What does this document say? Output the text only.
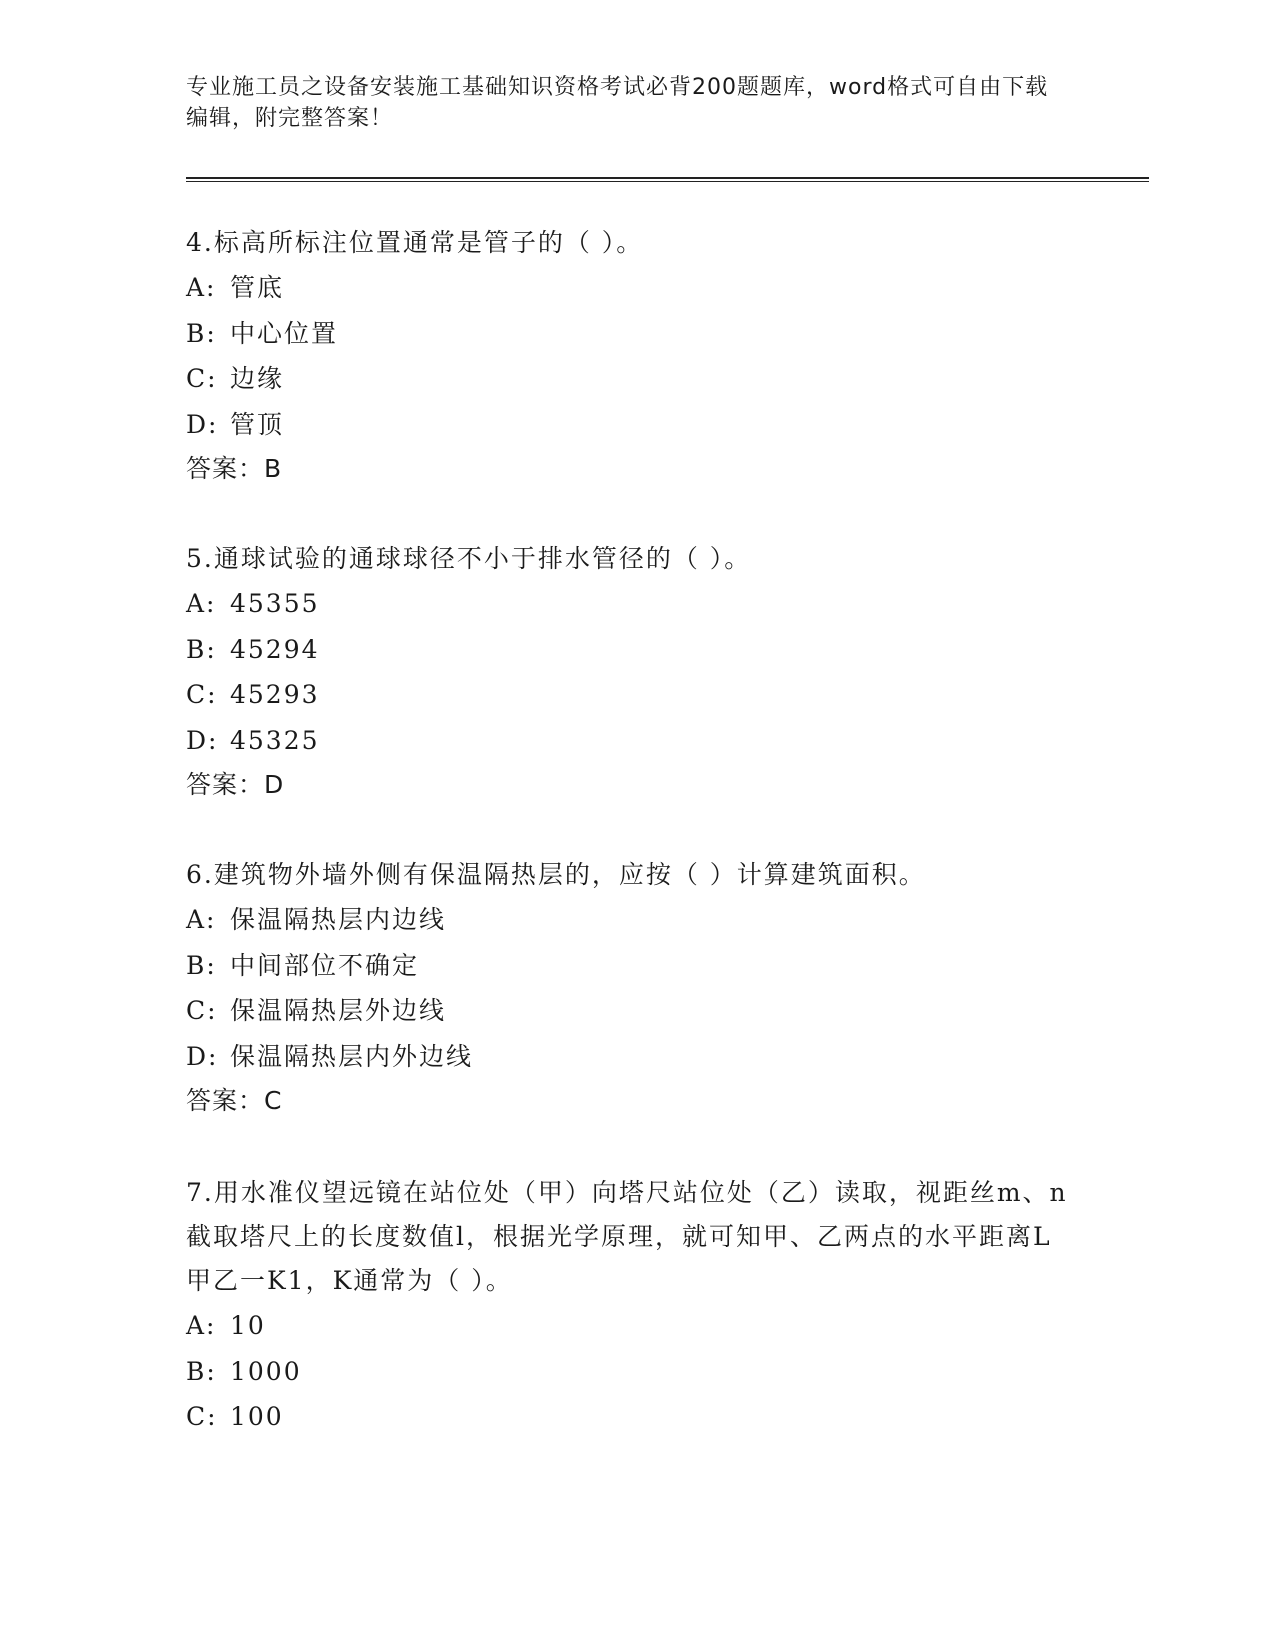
专业施工员之设备安装施工基础知识资格考试必背200题题库，word格式可自由下载编辑，附完整答案！
4.标高所标注位置通常是管子的（ ）。
A: 管底
B: 中心位置
C: 边缘
D: 管顶
答案：B
5.通球试验的通球球径不小于排水管径的（ ）。
A: 45355
B: 45294
C: 45293
D: 45325
答案：D
6.建筑物外墙外侧有保温隔热层的，应按（ ）计算建筑面积。
A: 保温隔热层内边线
B: 中间部位不确定
C: 保温隔热层外边线
D: 保温隔热层内外边线
答案：C
7.用水准仪望远镜在站位处（甲）向塔尺站位处（乙）读取，视距丝m、n截取塔尺上的长度数值l，根据光学原理，就可知甲、乙两点的水平距离L甲乙一K1，K通常为（ ）。
A: 10
B: 1000
C: 100
